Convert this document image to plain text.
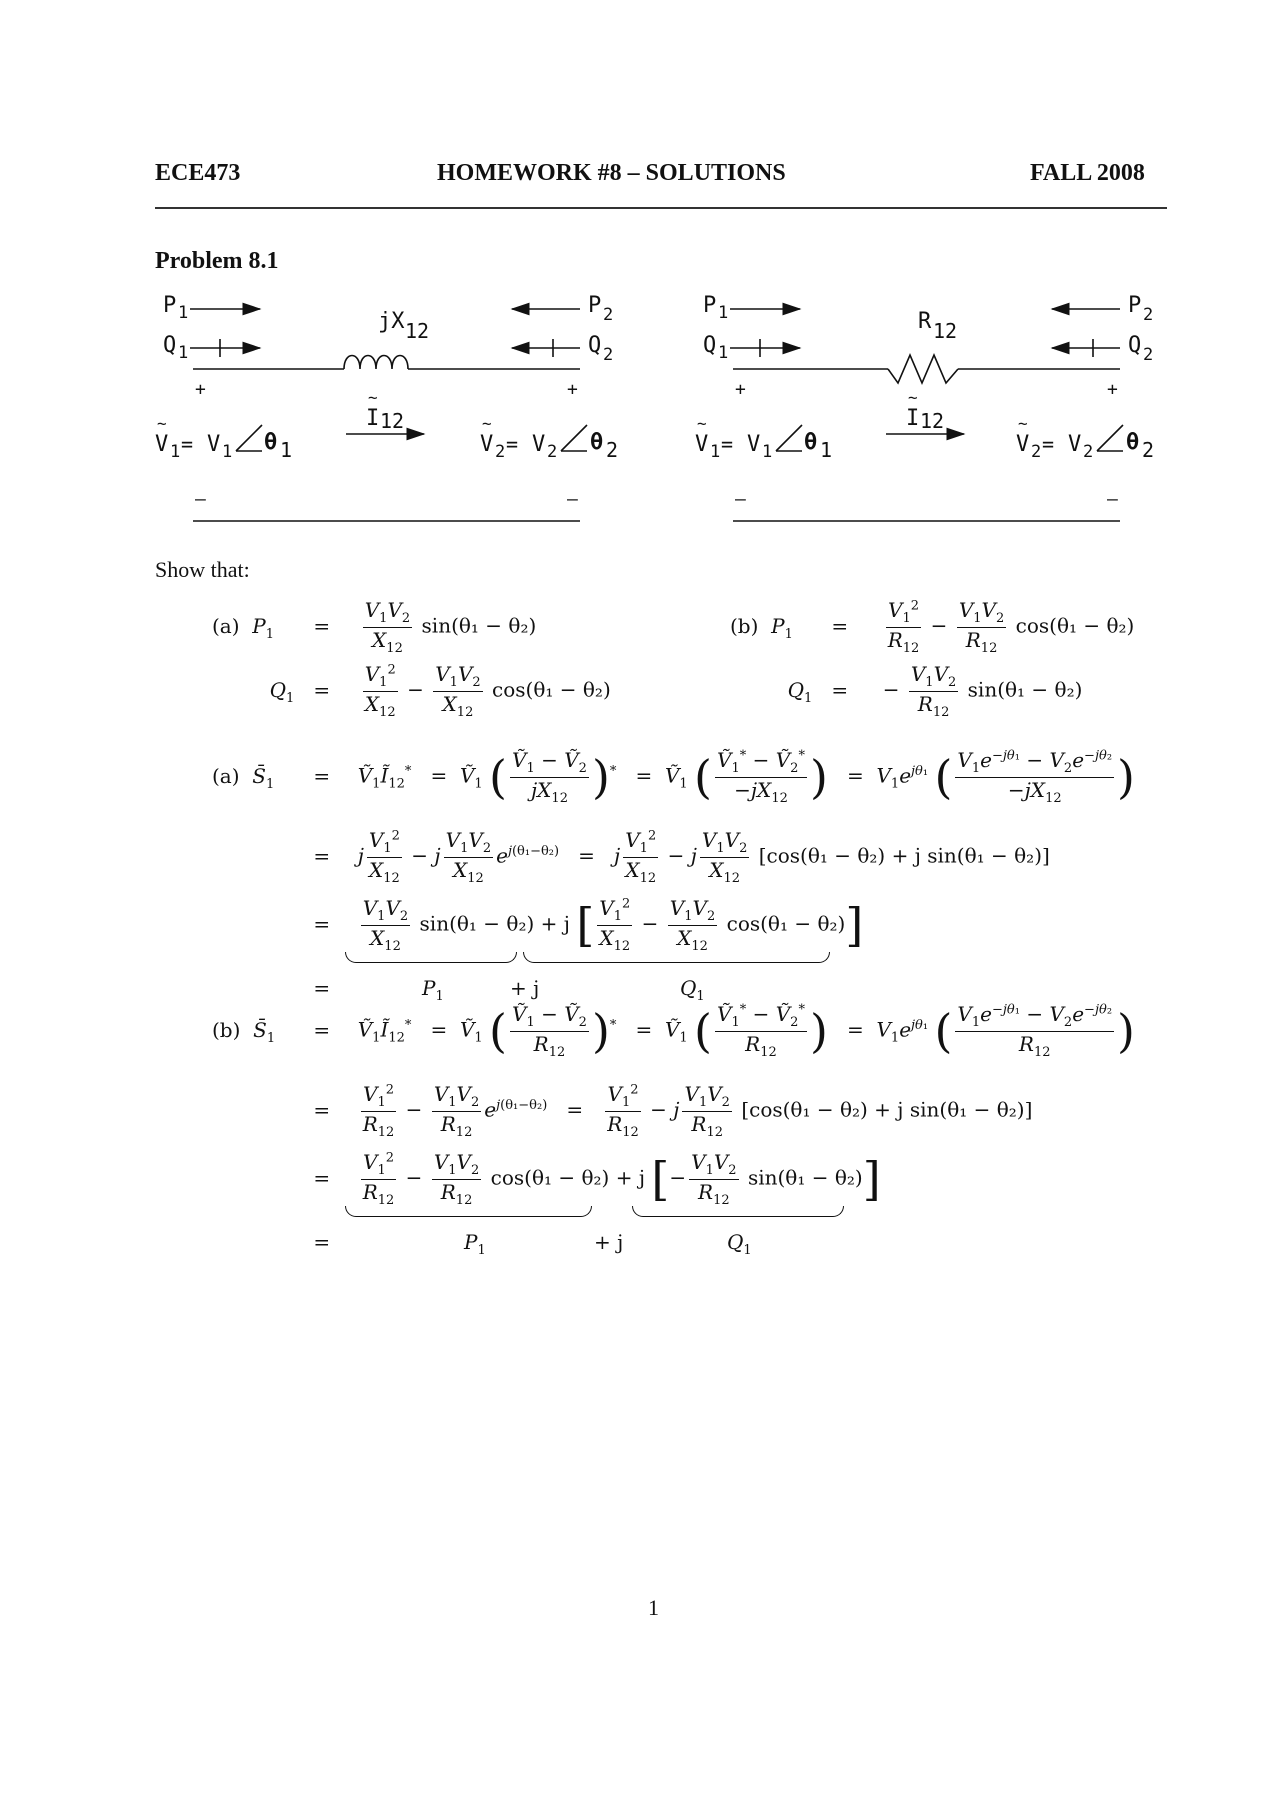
ECE473	HOMEWORK #8 – SOLUTIONS	FALL 2008
Problem 8.1
P 1
Q 1
jX 12
P 2
Q 2
+	+
~
I 12
~
V 1 = V 1 θ 1
~
V 2 = V 2 θ 2
–	–
P 1
Q 1
R 12
P 2
Q 2
+	+
~
I 12
~
V 1 = V 1 θ 1
~
V 2 = V 2 θ 2
–	–
Show that:
(a)  $P_1 = \frac{V_1V_2}{X_{12}} \sin(\theta_1 - \theta_2)$
$Q_1 = \frac{V_1^2}{X_{12}} - \frac{V_1V_2}{X_{12}} \cos(\theta_1 - \theta_2)$
(b)  $P_1 = \frac{V_1^2}{R_{12}} - \frac{V_1V_2}{R_{12}} \cos(\theta_1 - \theta_2)$
$Q_1$ = − $\frac{V_1V_2}{R_{12}} \sin(\theta_1 - \theta_2)$
(a)  $S̄_1$ = $Ṽ_1Ĩ_{12}^*$   =  Ṽ$_1$ ( $\frac{Ṽ_1 - Ṽ_2}{jX_{12}} )^*$   =  Ṽ$_1$ ( $\frac{Ṽ_1^* - Ṽ_2^*}{-jX_{12}}$ )   =  $V_1e^{j\theta_1}$ ( $\frac{V_1e^{-j\theta_1} - V_2e^{-j\theta_2}}{-jX_{12}}$ )
= j $\frac{V_1^2}{X_{12}} - j \frac{V_1V_2}{X_{12}} e^{j(\theta_1-\theta_2)} = j \frac{V_1^2}{X_{12}} - j \frac{V_1V_2}{X_{12}} [\cos(\theta_1 - \theta_2) + j$ sin(θ₁ − θ₂)]
= $\frac{V_1V_2}{X_{12}} \sin(\theta_1 - \theta_2) + j$ [ $\frac{V_1^2}{X_{12}} - \frac{V_1V_2}{X_{12}} \cos(\theta_1 - \theta_2)$]
=	$P_1$	+ j	$Q_1$
(b)  $S̄_1$ = $Ṽ_1Ĩ_{12}^*$   =  Ṽ$_1$ ( $\frac{Ṽ_1 - Ṽ_2}{R_{12}} )^*$   =  Ṽ$_1$ ( $\frac{Ṽ_1^* - Ṽ_2^*}{R_{12}}$ )   =  $V_1e^{j\theta_1}$ ( $\frac{V_1e^{-j\theta_1} - V_2e^{-j\theta_2}}{R_{12}}$ )
= $\frac{V_1^2}{R_{12}} - \frac{V_1V_2}{R_{12}} e^{j(\theta_1-\theta_2)} = \frac{V_1^2}{R_{12}} - j \frac{V_1V_2}{R_{12}} [\cos(\theta_1 - \theta_2) + j$ sin(θ₁ − θ₂)]
= $\frac{V_1^2}{R_{12}} - \frac{V_1V_2}{R_{12}} \cos(\theta_1 - \theta_2) + j$ [− $\frac{V_1V_2}{R_{12}} \sin(\theta_1 - \theta_2)$]
=	$P_1$	+ j	$Q_1$
1
